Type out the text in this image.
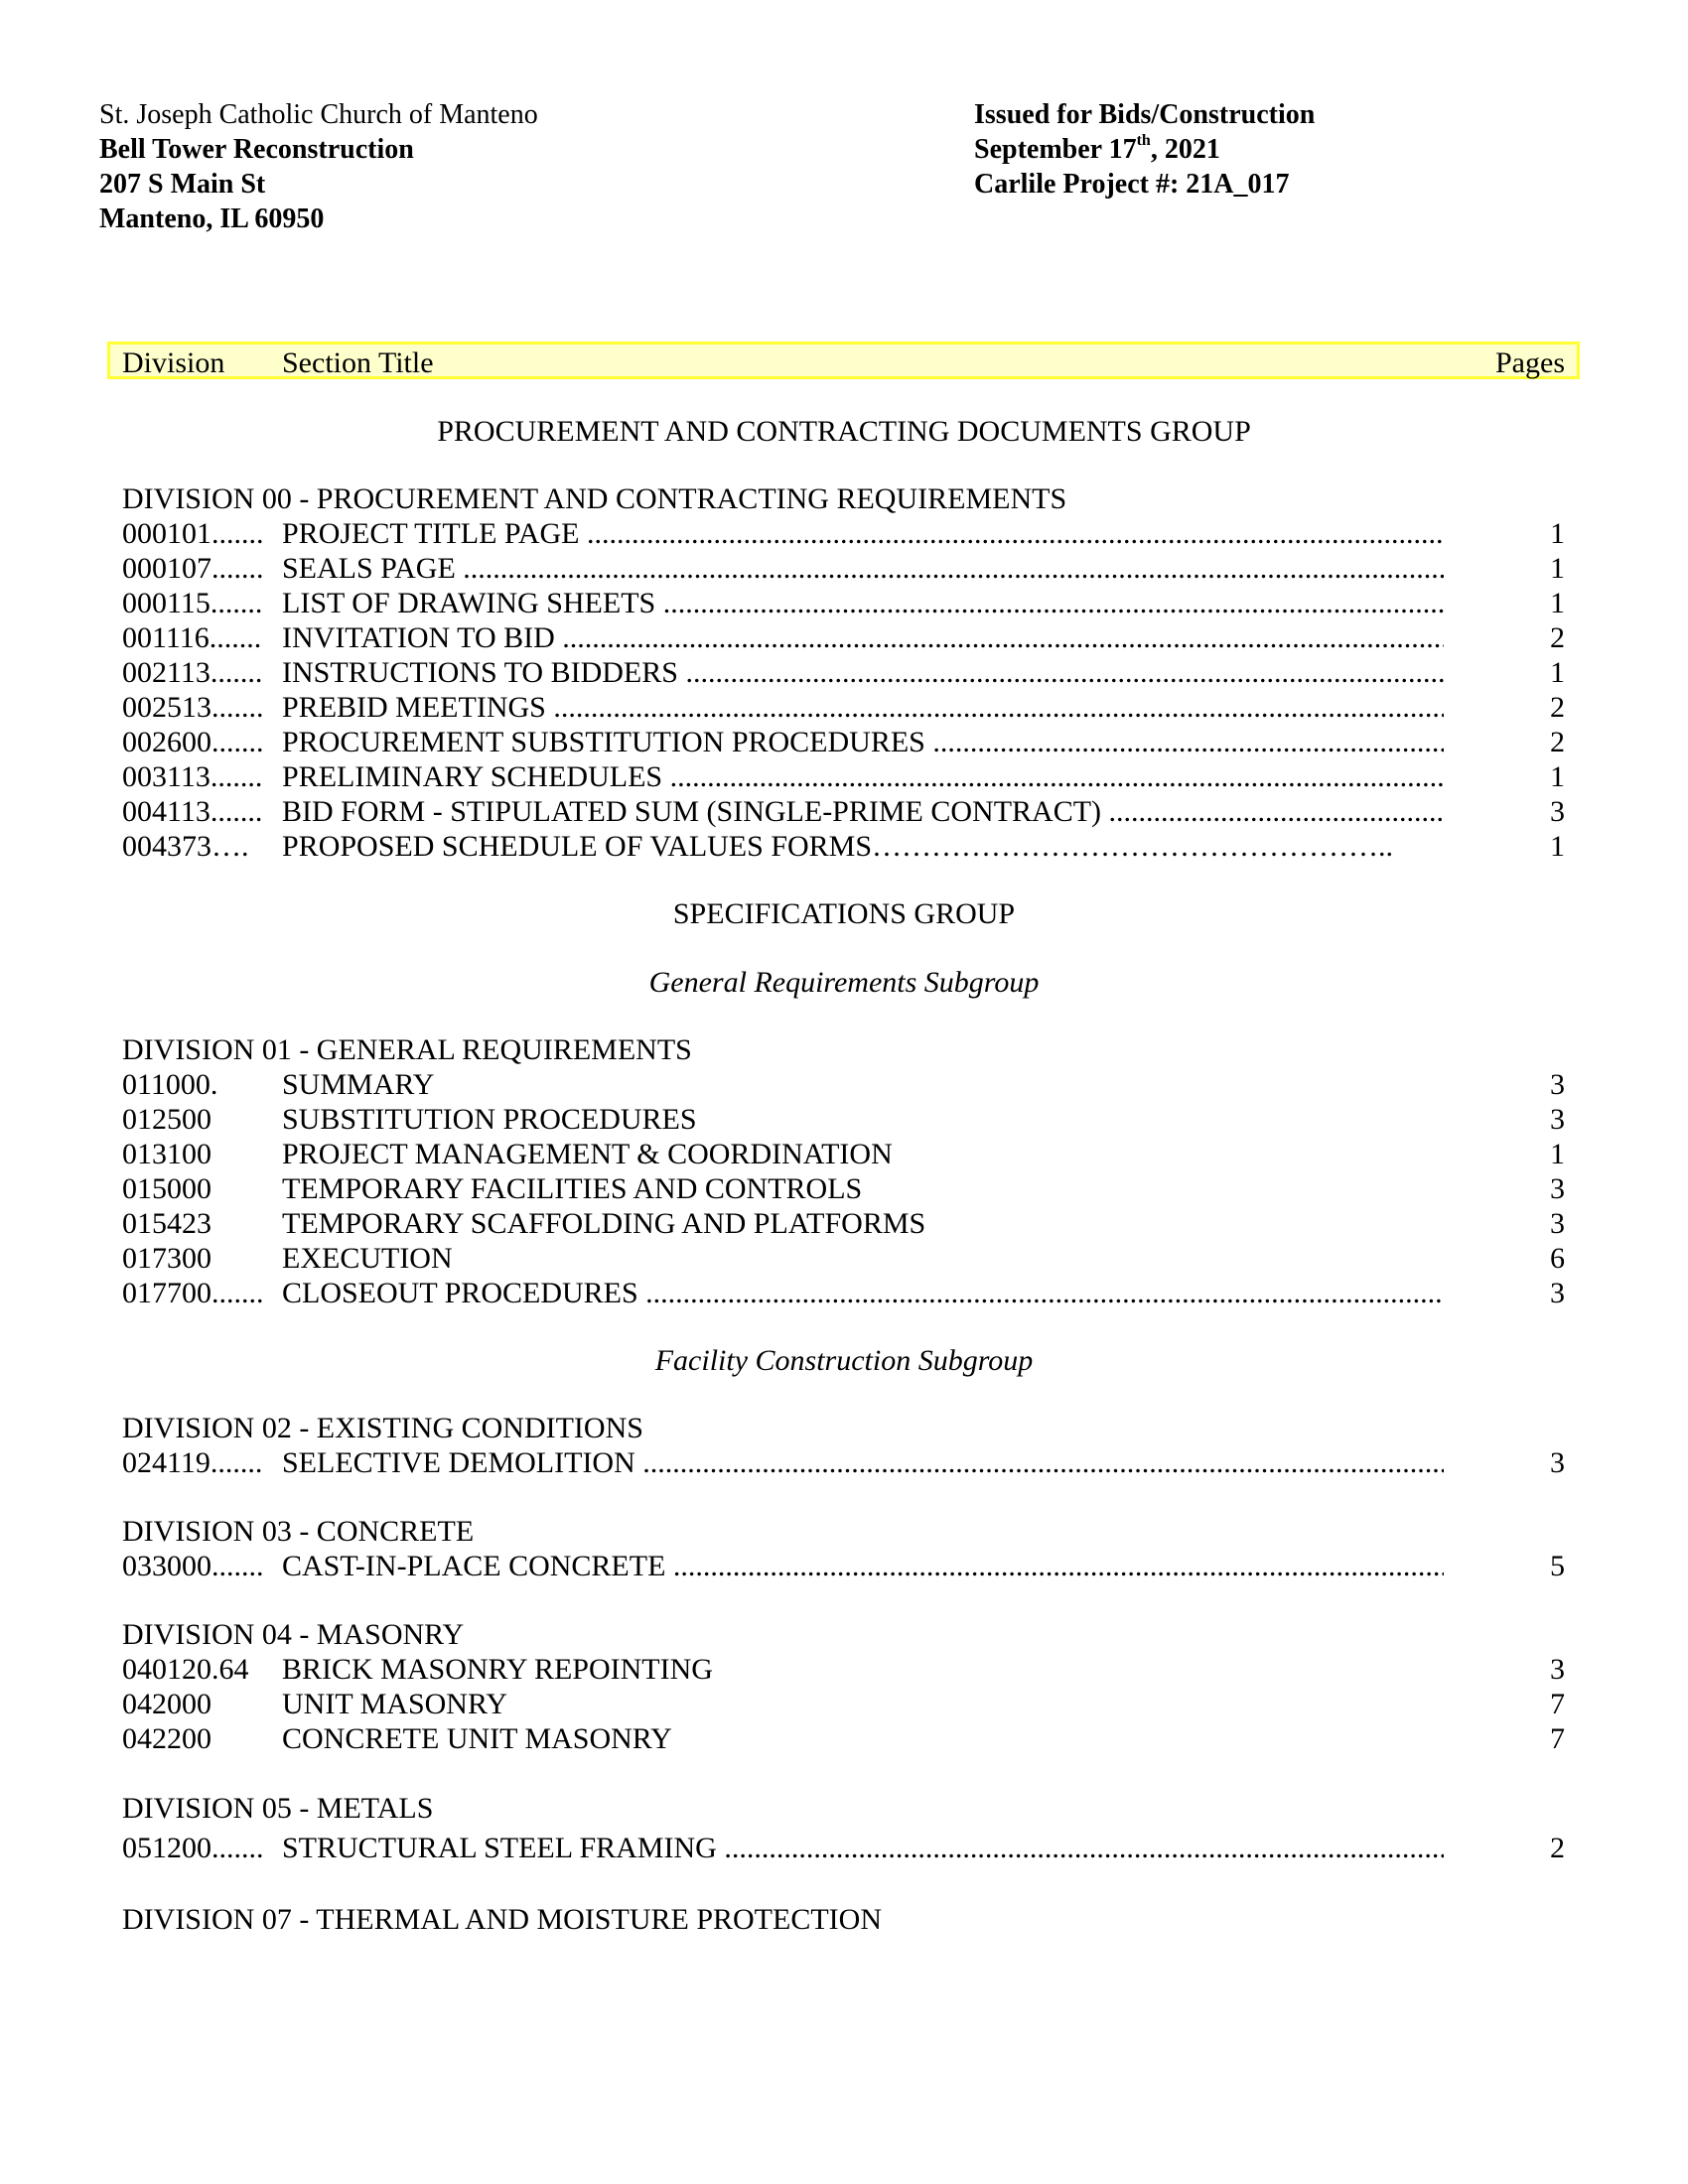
St. Joseph Catholic Church of Manteno
Bell Tower Reconstruction
207 S Main St
Manteno, IL 60950
Issued for Bids/Construction
September 17th, 2021
Carlile Project #: 21A_017
Division Section Title	Pages
PROCUREMENT AND CONTRACTING DOCUMENTS GROUP
DIVISION 00 - PROCUREMENT AND CONTRACTING REQUIREMENTS
000101....... PROJECT TITLE PAGE .....	1
000107....... SEALS PAGE .....	1
000115....... LIST OF DRAWING SHEETS .....	1
001116....... INVITATION TO BID .....	2
002113....... INSTRUCTIONS TO BIDDERS .....	1
002513....... PREBID MEETINGS .....	2
002600....... PROCUREMENT SUBSTITUTION PROCEDURES .....	2
003113....... PRELIMINARY SCHEDULES .....	1
004113....... BID FORM - STIPULATED SUM (SINGLE-PRIME CONTRACT) .....	3
004373…. PROPOSED SCHEDULE OF VALUES FORMS……………………………………………..	1
SPECIFICATIONS GROUP
General Requirements Subgroup
DIVISION 01 - GENERAL REQUIREMENTS
011000. SUMMARY	3
012500 SUBSTITUTION PROCEDURES	3
013100 PROJECT MANAGEMENT & COORDINATION	1
015000 TEMPORARY FACILITIES AND CONTROLS	3
015423 TEMPORARY SCAFFOLDING AND PLATFORMS	3
017300 EXECUTION	6
017700....... CLOSEOUT PROCEDURES .....	3
Facility Construction Subgroup
DIVISION 02 - EXISTING CONDITIONS
024119....... SELECTIVE DEMOLITION .....	3
DIVISION 03 - CONCRETE
033000....... CAST-IN-PLACE CONCRETE .....	5
DIVISION 04 - MASONRY
040120.64 BRICK MASONRY REPOINTING	3
042000 UNIT MASONRY	7
042200 CONCRETE UNIT MASONRY	7
DIVISION 05 - METALS
051200....... STRUCTURAL STEEL FRAMING .....	2
DIVISION 07 - THERMAL AND MOISTURE PROTECTION
